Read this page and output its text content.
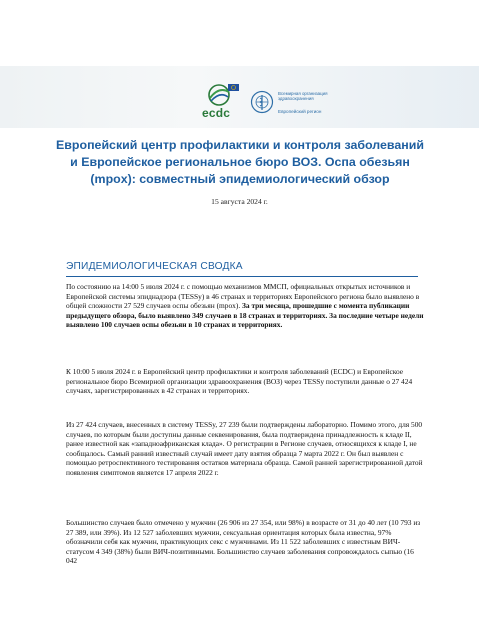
ecdc
Всемирная организация здравоохранения
Европейский регион
Европейский центр профилактики и контроля заболеваний и Европейское региональное бюро ВОЗ. Оспа обезьян (mpox): совместный эпидемиологический обзор
15 августа 2024 г.
ЭПИДЕМИОЛОГИЧЕСКАЯ СВОДКА

По состоянию на 14:00 5 июля 2024 г. с помощью механизмов ММСП, официальных открытых источников и Европейской системы эпиднадзора (TESSy) в 46 странах и территориях Европейского региона было выявлено в общей сложности 27 529 случаев оспы обезьян (mpox). За три месяца, прошедшие с момента публикации предыдущего обзора, было выявлено 349 случаев в 18 странах и территориях. За последние четыре недели выявлено 100 случаев оспы обезьян в 10 странах и территориях.

К 10:00 5 июля 2024 г. в Европейский центр профилактики и контроля заболеваний (ECDC) и Европейское региональное бюро Всемирной организации здравоохранения (ВОЗ) через TESSy поступили данные о 27 424 случаях, зарегистрированных в 42 странах и территориях.

Из 27 424 случаев, внесенных в систему TESSy, 27 239 были подтверждены лабораторно. Помимо этого, для 500 случаев, по которым были доступны данные секвенирования, была подтверждена принадлежность к кладе II, ранее известной как «западноафриканская клада». О регистрации в Регионе случаев, относящихся к кладе I, не сообщалось. Самый ранний известный случай имеет дату взятия образца 7 марта 2022 г. Он был выявлен с помощью ретроспективного тестирования остатков материала образца. Самой ранней зарегистрированной датой появления симптомов является 17 апреля 2022 г.

Большинство случаев было отмечено у мужчин (26 906 из 27 354, или 98%) в возрасте от 31 до 40 лет (10 793 из 27 389, или 39%). Из 12 527 заболевших мужчин, сексуальная ориентация которых была известна, 97% обозначили себя как мужчин, практикующих секс с мужчинами. Из 11 522 заболевших с известным ВИЧ-статусом 4 349 (38%) были ВИЧ-позитивными. Большинство случаев заболевания сопровождалось сыпью (16 042
